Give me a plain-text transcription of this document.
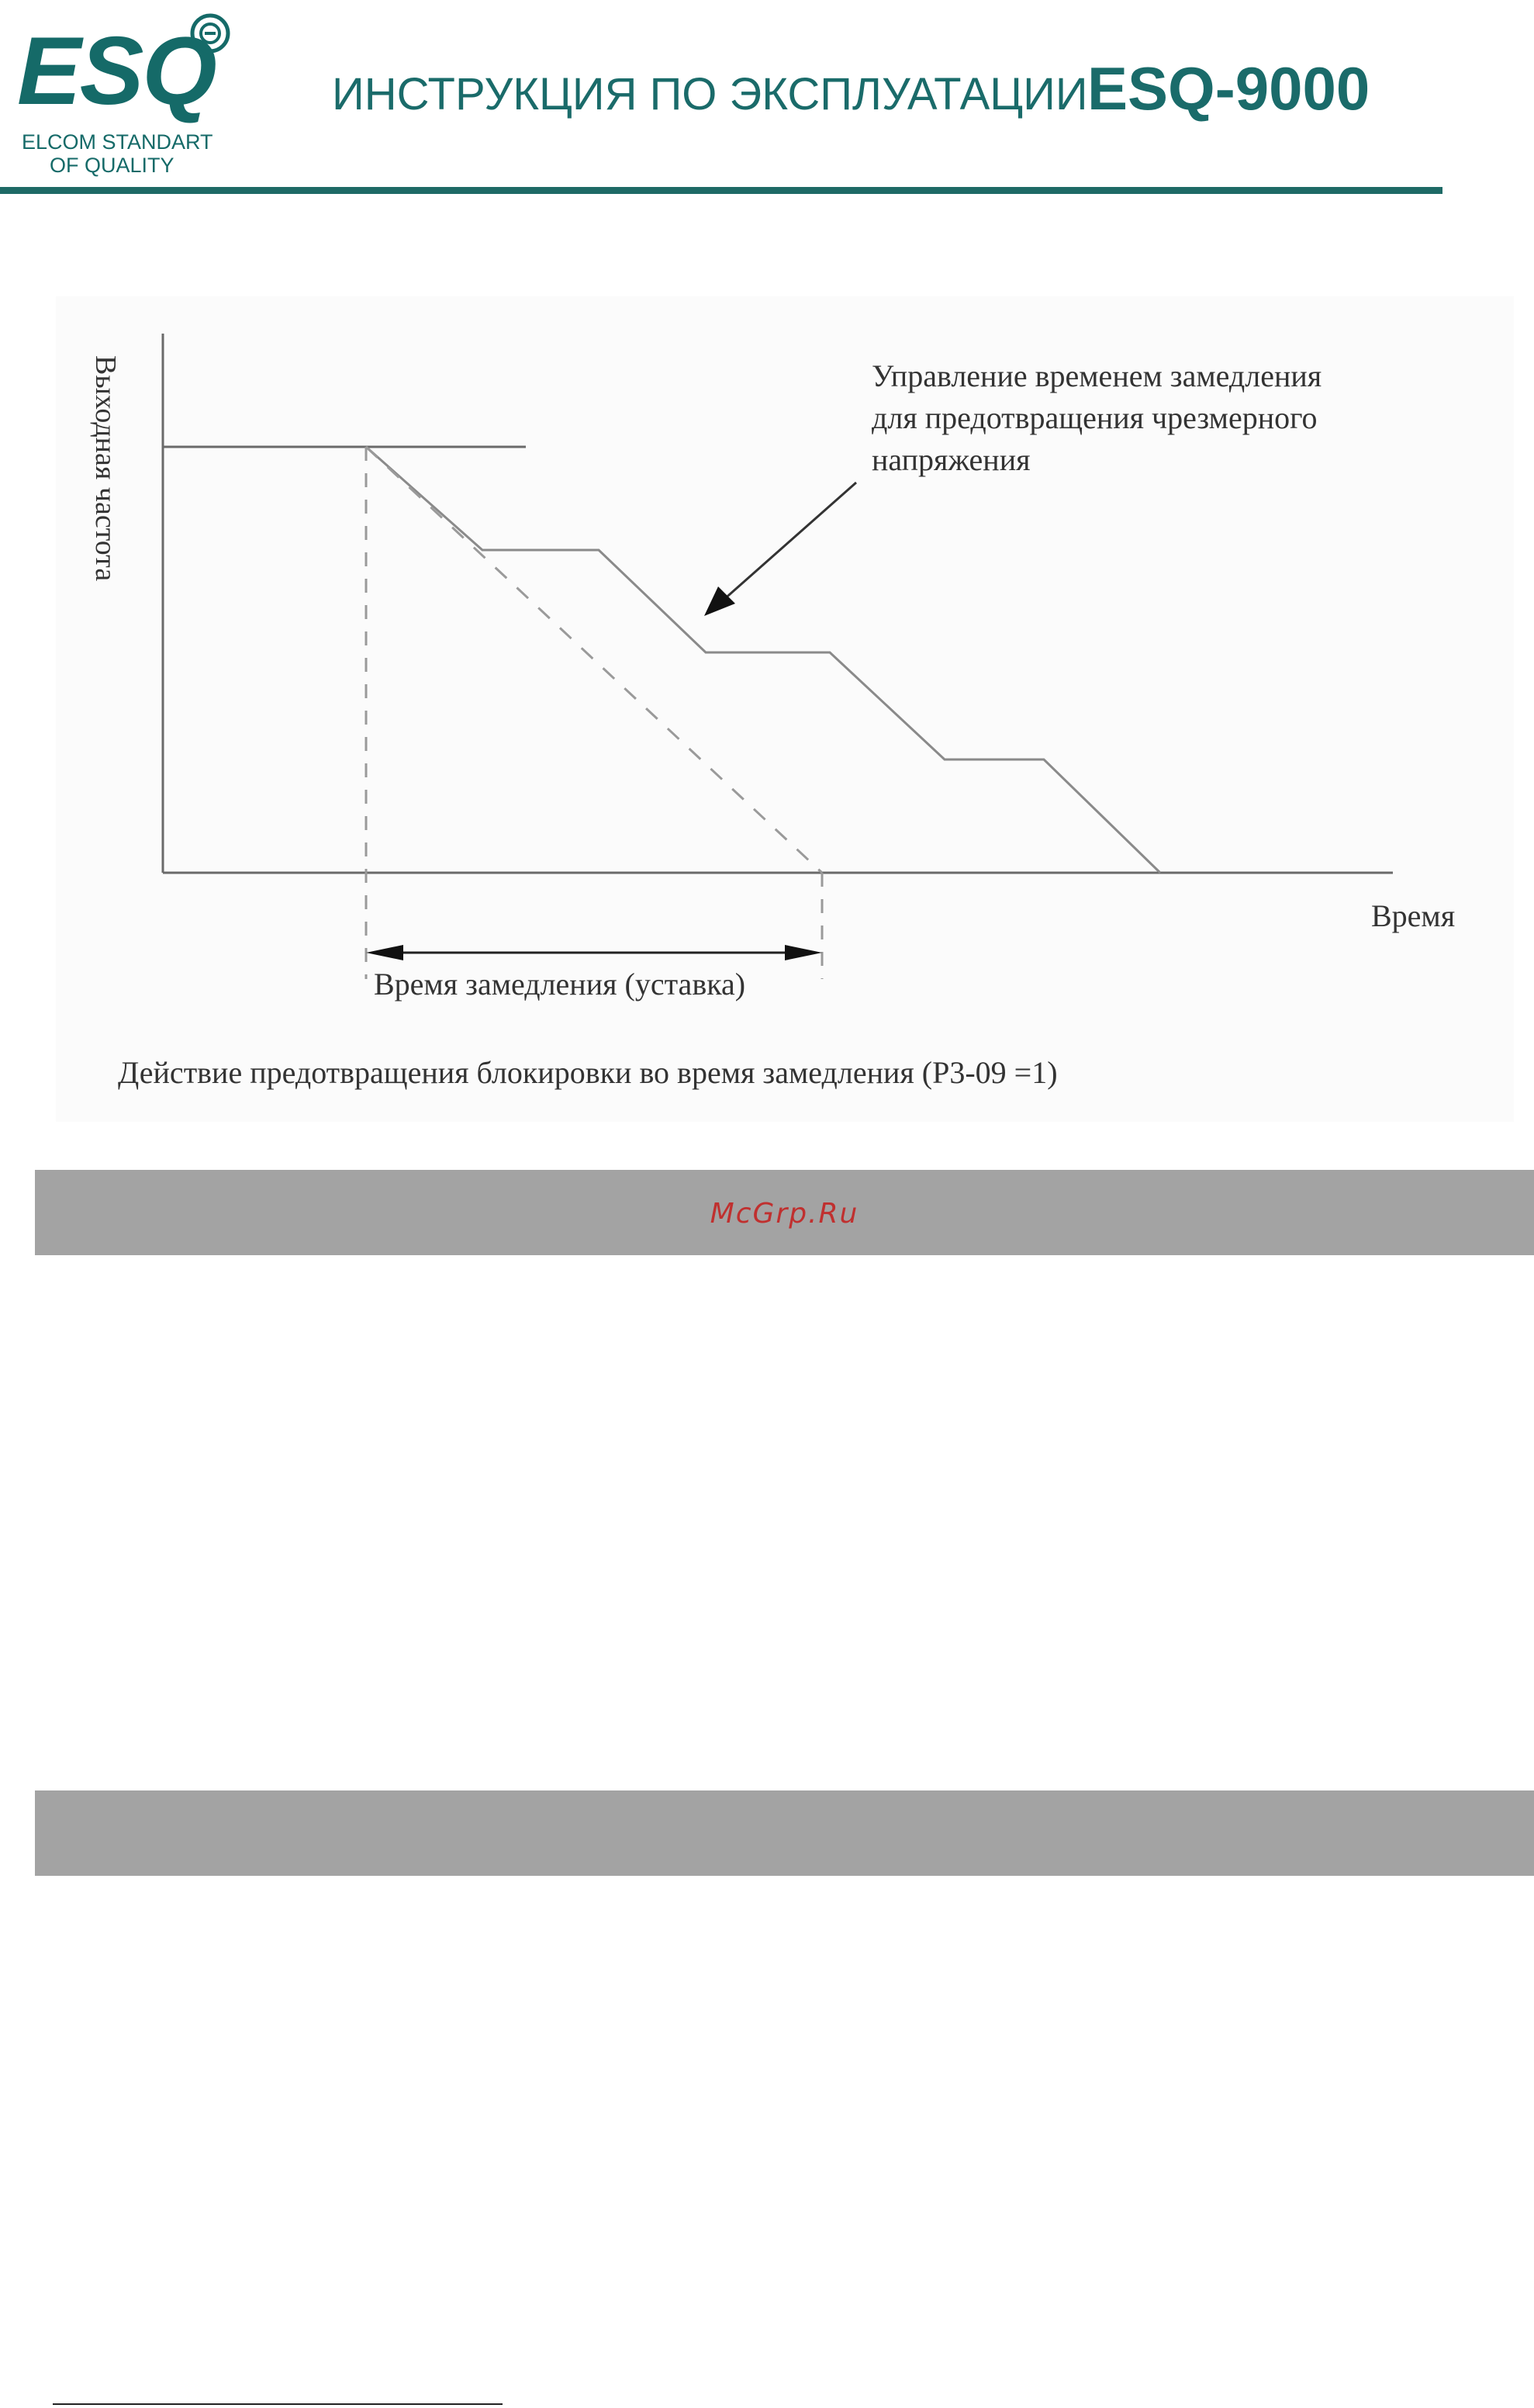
ESQ
ELCOM STANDART
OF QUALITY
ИНСТРУКЦИЯ ПО ЭКСПЛУАТАЦИИ ESQ-9000
Выходная частота	Управление временем замедления
для предотвращения чрезмерного
напряжения
Время
Время замедления (уставка)
Действие предотвращения блокировки во время замедления (P3-09 =1)
McGrp.Ru
